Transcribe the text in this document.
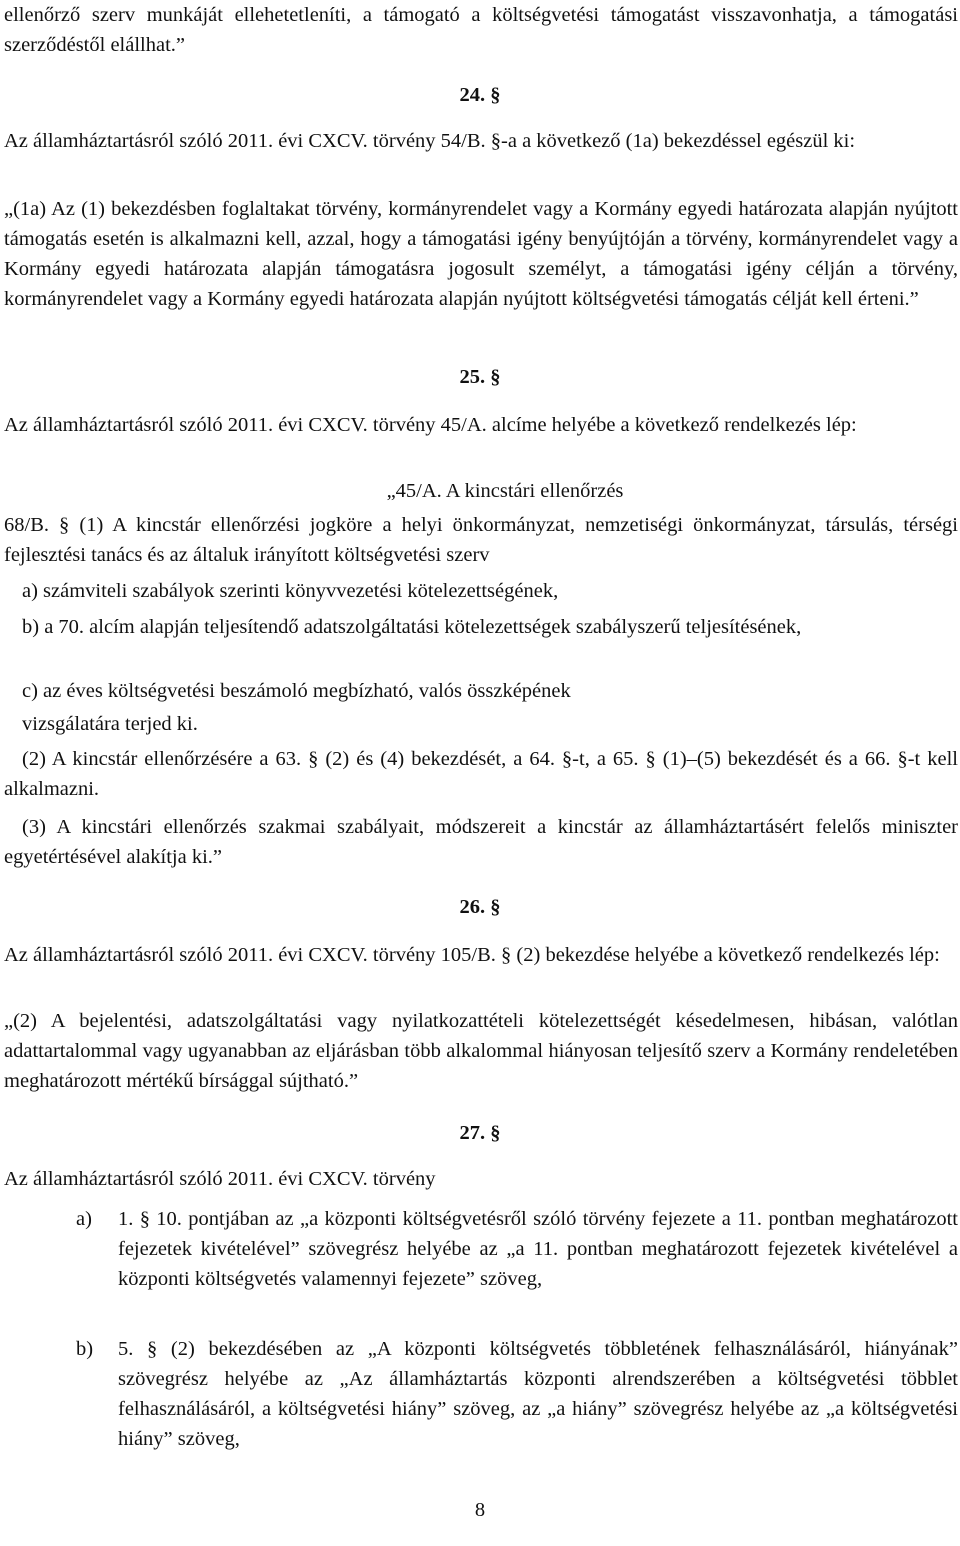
ellenőrző szerv munkáját ellehetetleníti, a támogató a költségvetési támogatást visszavonhatja, a támogatási szerződéstől elállhat.”

24. §

Az államháztartásról szóló 2011. évi CXCV. törvény 54/B. §-a a következő (1a) bekezdéssel egészül ki:

„(1a) Az (1) bekezdésben foglaltakat törvény, kormányrendelet vagy a Kormány egyedi határozata alapján nyújtott támogatás esetén is alkalmazni kell, azzal, hogy a támogatási igény benyújtóján a törvény, kormányrendelet vagy a Kormány egyedi határozata alapján támogatásra jogosult személyt, a támogatási igény célján a törvény, kormányrendelet vagy a Kormány egyedi határozata alapján nyújtott költségvetési támogatás célját kell érteni.”

25. §

Az államháztartásról szóló 2011. évi CXCV. törvény 45/A. alcíme helyébe a következő rendelkezés lép:

„45/A. A kincstári ellenőrzés

68/B. § (1) A kincstár ellenőrzési jogköre a helyi önkormányzat, nemzetiségi önkormányzat, társulás, térségi fejlesztési tanács és az általuk irányított költségvetési szerv

a) számviteli szabályok szerinti könyvvezetési kötelezettségének,

b) a 70. alcím alapján teljesítendő adatszolgáltatási kötelezettségek szabályszerű teljesítésének,

c) az éves költségvetési beszámoló megbízható, valós összképének

vizsgálatára terjed ki.

(2) A kincstár ellenőrzésére a 63. § (2) és (4) bekezdését, a 64. §-t, a 65. § (1)–(5) bekezdését és a 66. §-t kell alkalmazni.

(3) A kincstári ellenőrzés szakmai szabályait, módszereit a kincstár az államháztartásért felelős miniszter egyetértésével alakítja ki.”

26. §

Az államháztartásról szóló 2011. évi CXCV. törvény 105/B. § (2) bekezdése helyébe a következő rendelkezés lép:

„(2) A bejelentési, adatszolgáltatási vagy nyilatkozattételi kötelezettségét késedelmesen, hibásan, valótlan adattartalommal vagy ugyanabban az eljárásban több alkalommal hiányosan teljesítő szerv a Kormány rendeletében meghatározott mértékű bírsággal sújtható.”

27. §

Az államháztartásról szóló 2011. évi CXCV. törvény

a) 1. § 10. pontjában az „a központi költségvetésről szóló törvény fejezete a 11. pontban meghatározott fejezetek kivételével” szövegrész helyébe az „a 11. pontban meghatározott fejezetek kivételével a központi költségvetés valamennyi fejezete” szöveg,

b) 5. § (2) bekezdésében az „A központi költségvetés többletének felhasználásáról, hiányának” szövegrész helyébe az „Az államháztartás központi alrendszerében a költségvetési többlet felhasználásáról, a költségvetési hiány” szöveg, az „a hiány” szövegrész helyébe az „a költségvetési hiány” szöveg,

8
